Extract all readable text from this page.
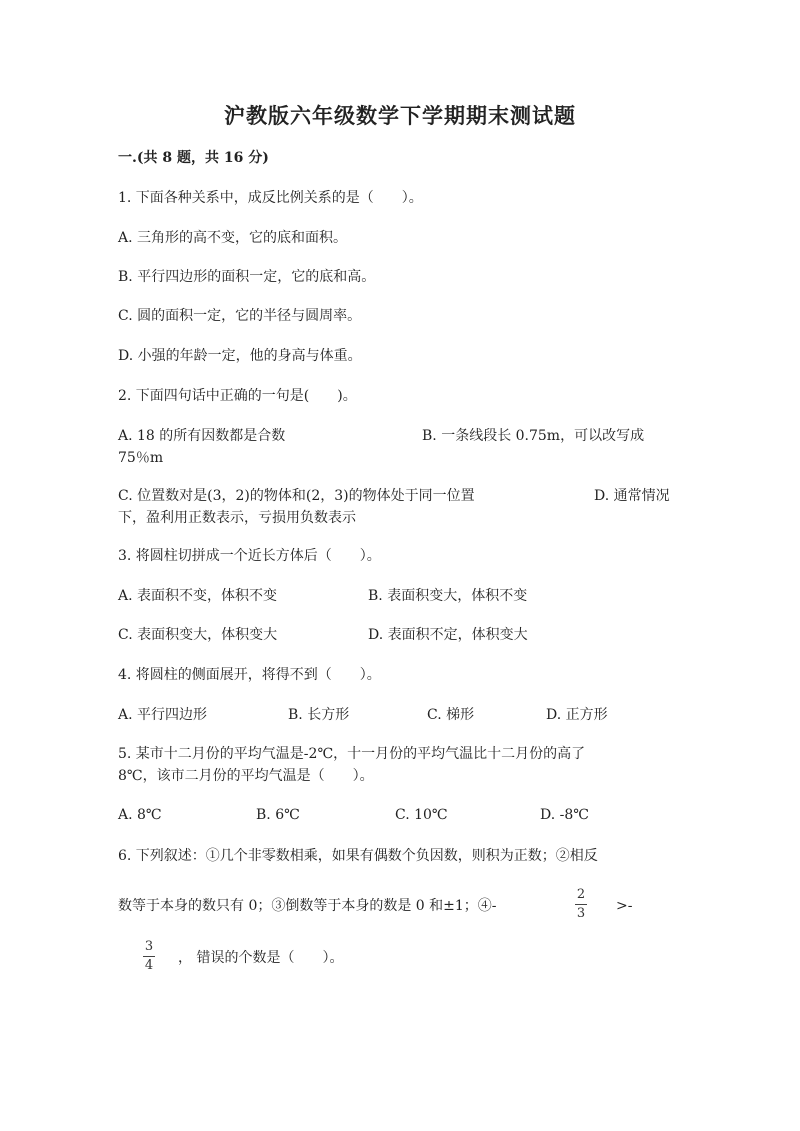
沪教版六年级数学下学期期末测试题
一.(共 8 题，共 16 分)
1. 下面各种关系中，成反比例关系的是（　　）。
A. 三角形的高不变，它的底和面积。
B. 平行四边形的面积一定，它的底和高。
C. 圆的面积一定，它的半径与圆周率。
D. 小强的年龄一定，他的身高与体重。
2. 下面四句话中正确的一句是(　　)。
A. 18 的所有因数都是合数	B. 一条线段长 0.75m，可以改写成
75％m
C. 位置数对是(3，2)的物体和(2，3)的物体处于同一位置	D. 通常情况
下，盈利用正数表示，亏损用负数表示
3. 将圆柱切拼成一个近长方体后（　　）。
A. 表面积不变，体积不变	B. 表面积变大，体积不变
C. 表面积变大，体积变大	D. 表面积不定，体积变大
4. 将圆柱的侧面展开，将得不到（　　）。
A. 平行四边形	B. 长方形	C. 梯形	D. 正方形
5. 某市十二月份的平均气温是-2℃，十一月份的平均气温比十二月份的高了
8℃，该市二月份的平均气温是（　　）。
A. 8℃	B. 6℃	C. 10℃	D. -8℃
6. 下列叙述：①几个非零数相乘，如果有偶数个负因数，则积为正数；②相反
数等于本身的数只有 0；③倒数等于本身的数是 0 和±1；④-
2
3 >-
3
4 ， 错误的个数是（　　）。
